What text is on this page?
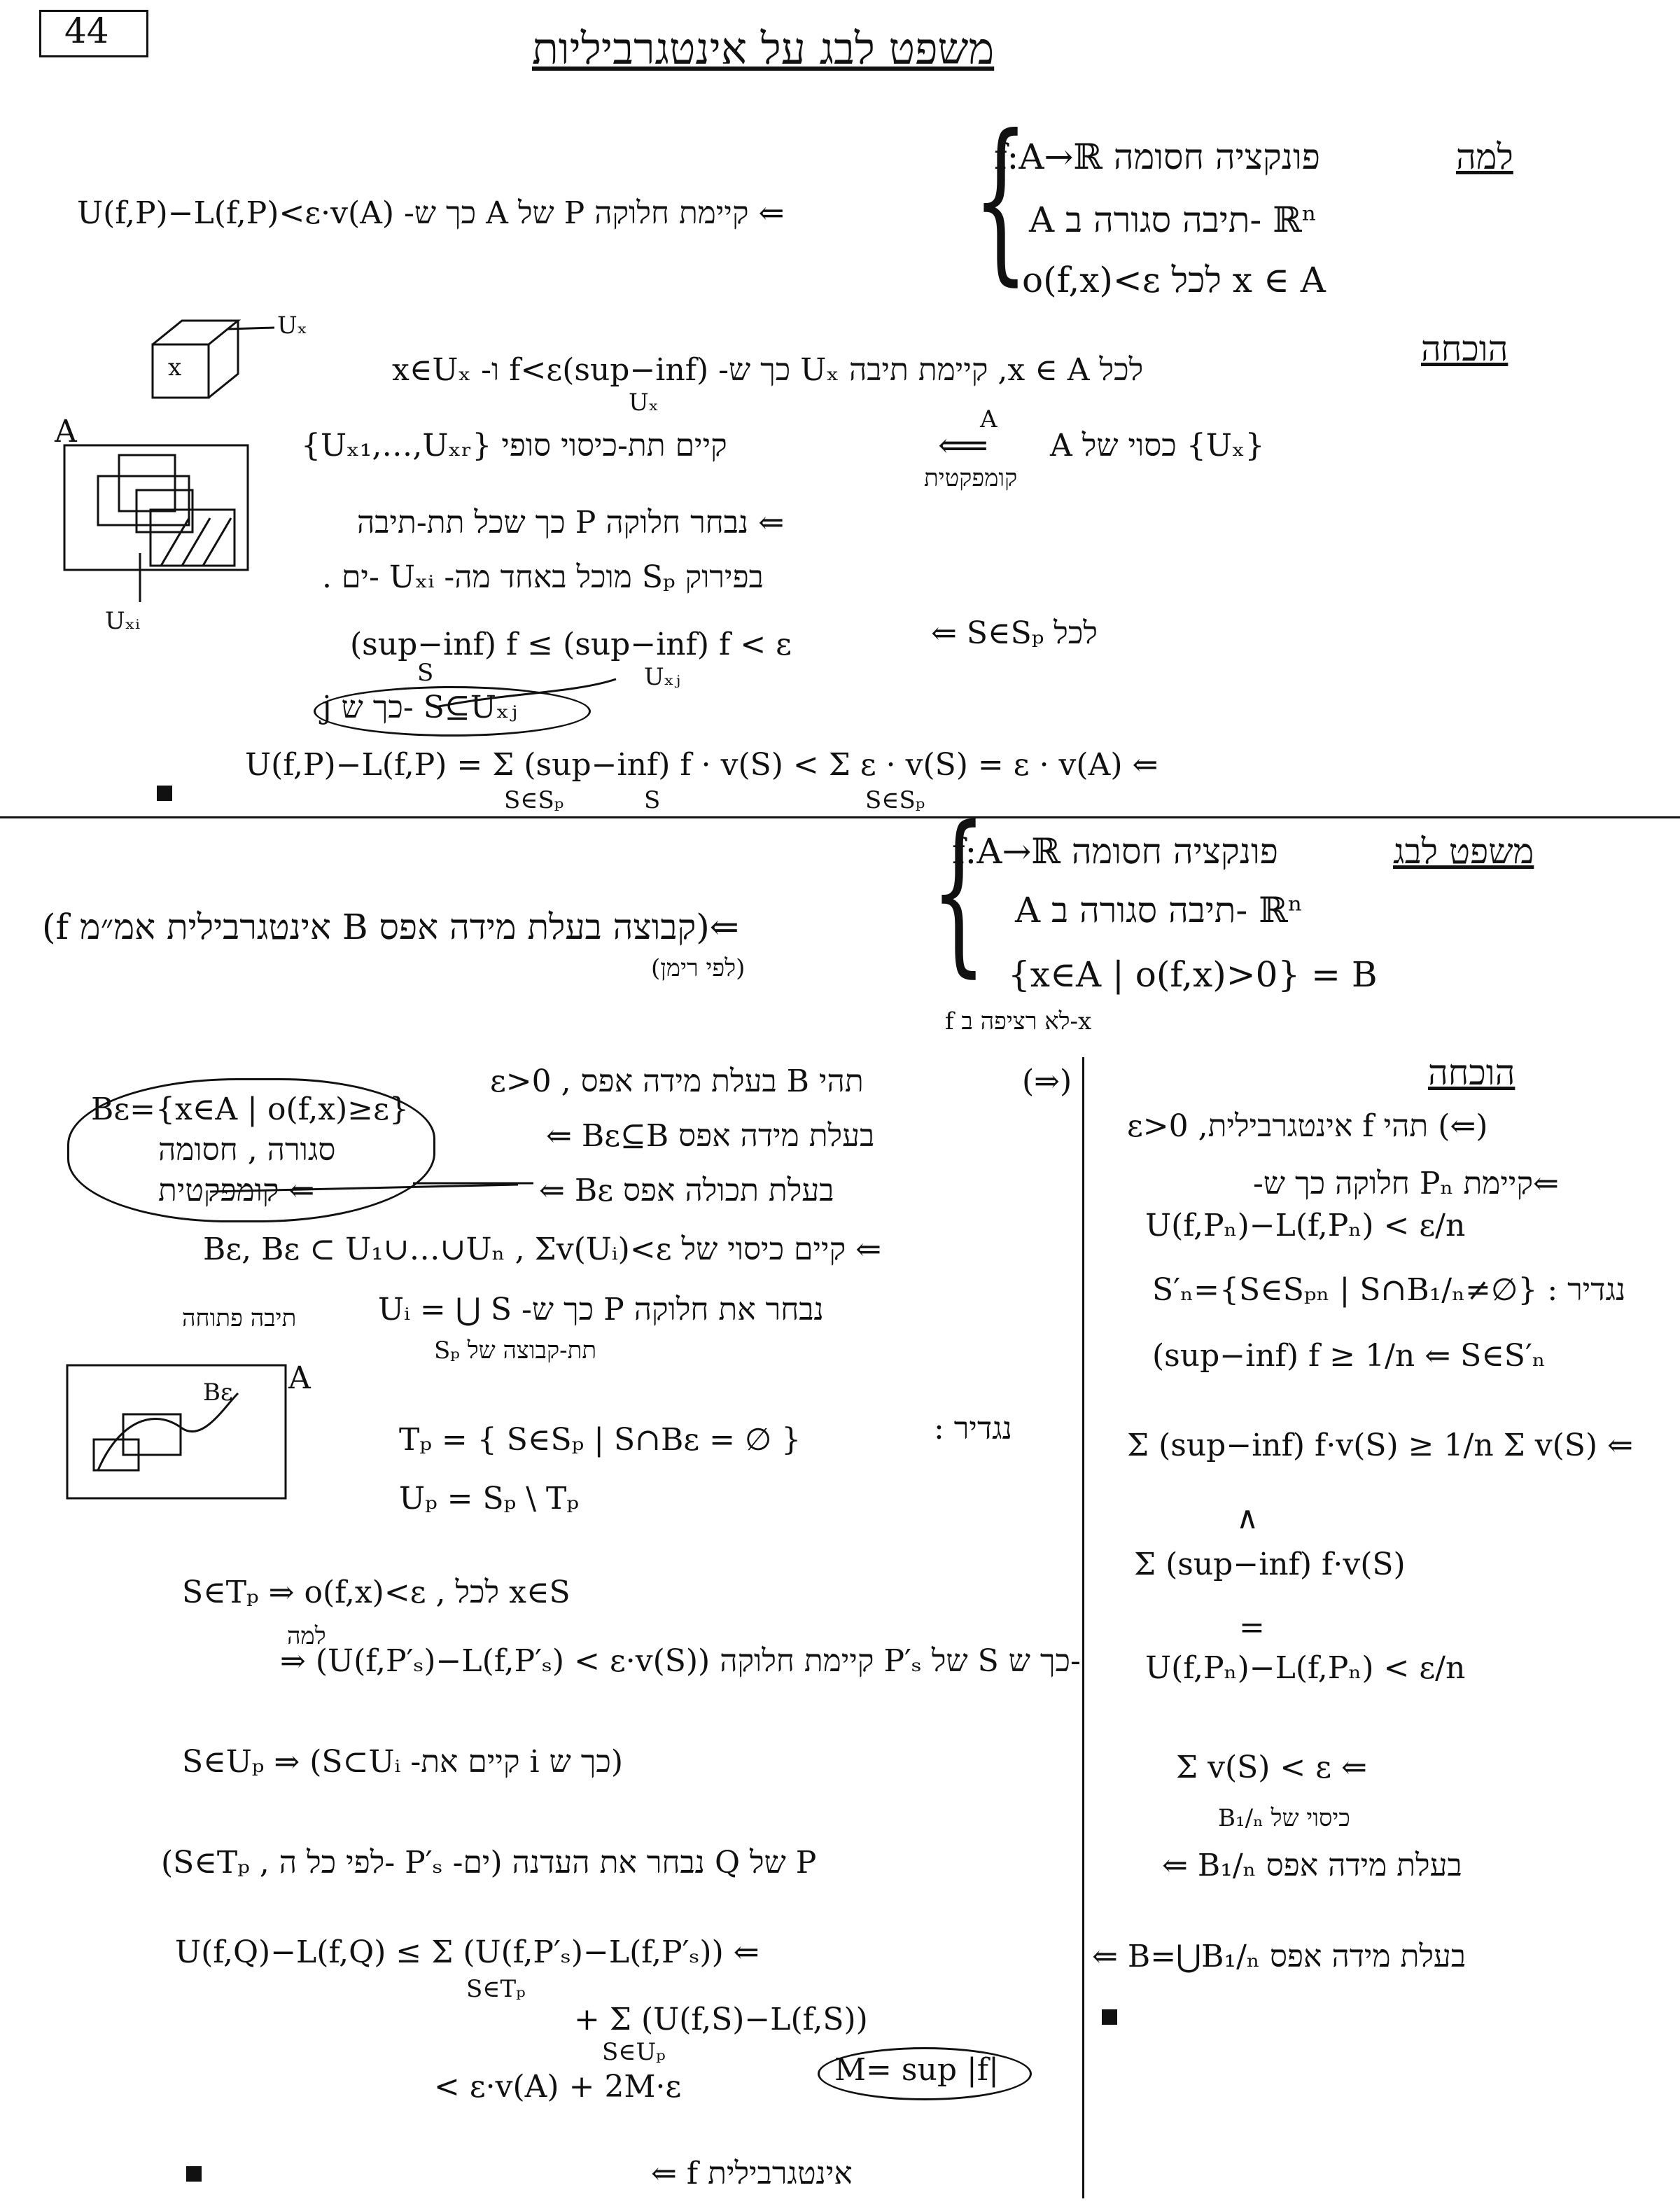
44	משפט לבג על אינטגרביליות
למה
f:A→ℝ פונקציה חסומה
A תיבה סגורה ב- ℝⁿ
o(f,x)<ε לכל x ∈ A
{
U(f,P)−L(f,P)<ε·v(A) -כך ש A של P קיימת חלוקה ⇐
הוכחה
Uₓ
x
A
Uₓᵢ
לכל x ∈ A, קיימת תיבה Uₓ כך ש- (sup−inf)f<ε ו- x∈Uₓ
Uₓ
{Uₓ₁,…,Uₓᵣ} קיים תת-כיסוי סופי
A
⟸
קומפקטית
A כסוי של {Uₓ}
⇐ נבחר חלוקה P כך שכל תת-תיבה
בפירוק Sₚ מוכל באחד מה- Uₓᵢ -ים .
(sup−inf) f ≤ (sup−inf) f < ε
S	Uₓⱼ
לכל S∈Sₚ ⇐
j כך ש- S⊆Uₓⱼ
U(f,P)−L(f,P) = Σ (sup−inf) f · v(S) < Σ ε · v(S) = ε · v(A) ⇐
S∈Sₚ	S	S∈Sₚ
משפט לבג
f:A→ℝ פונקציה חסומה
A תיבה סגורה ב- ℝⁿ
{x∈A | o(f,x)>0} = B
f לא רציפה ב-x
{
(f אינטגרבילית אמ״מ B קבוצה בעלת מידה אפס)⇐
(לפי רימן)
(⇒)
תהי B בעלת מידה אפס , ε>0
Bε={x∈A | o(f,x)≥ε}
סגורה , חסומה
⇐ קומפקטית
⇐ Bε⊆B בעלת מידה אפס
⇐ Bε בעלת תכולה אפס
⇐ קיים כיסוי של Bε, Bε ⊂ U₁∪…∪Uₙ , Σv(Uᵢ)<ε
נבחר את חלוקה P כך ש- Uᵢ = ⋃ S
תיבה פתוחה
תת-קבוצה של Sₚ
A
Bε
נגדיר :
Tₚ = { S∈Sₚ | S∩Bε = ∅ }
Uₚ = Sₚ \ Tₚ
S∈Tₚ ⇒ o(f,x)<ε , לכל x∈S
למה
⇒ (U(f,P′ₛ)−L(f,P′ₛ) < ε·v(S)) קיימת חלוקה P′ₛ של S כך ש-
S∈Uₚ ⇒ (S⊂Uᵢ -קיים את i כך ש)
(S∈Tₚ , לפי כל ה- P′ₛ -ים) נבחר את העדנה Q של P
U(f,Q)−L(f,Q) ≤ Σ (U(f,P′ₛ)−L(f,P′ₛ)) ⇐
S∈Tₚ
+ Σ (U(f,S)−L(f,S))
S∈Uₚ
< ε·v(A) + 2M·ε	M= sup |f|
⇐ f אינטגרבילית
הוכחה
(⇐) תהי f אינטגרבילית, ε>0
⇐קיימת Pₙ חלוקה כך ש-
U(f,Pₙ)−L(f,Pₙ) < ε/n
נגדיר : S′ₙ={S∈Sₚₙ | S∩B₁/ₙ≠∅}
(sup−inf) f ≥ 1/n ⇐ S∈S′ₙ
Σ (sup−inf) f·v(S) ≥ 1/n Σ v(S) ⇐
∧
Σ (sup−inf) f·v(S)
=
U(f,Pₙ)−L(f,Pₙ) < ε/n
Σ v(S) < ε ⇐
כיסוי של B₁/ₙ
⇐ B₁/ₙ בעלת מידה אפס
⇐ B=⋃B₁/ₙ בעלת מידה אפס
